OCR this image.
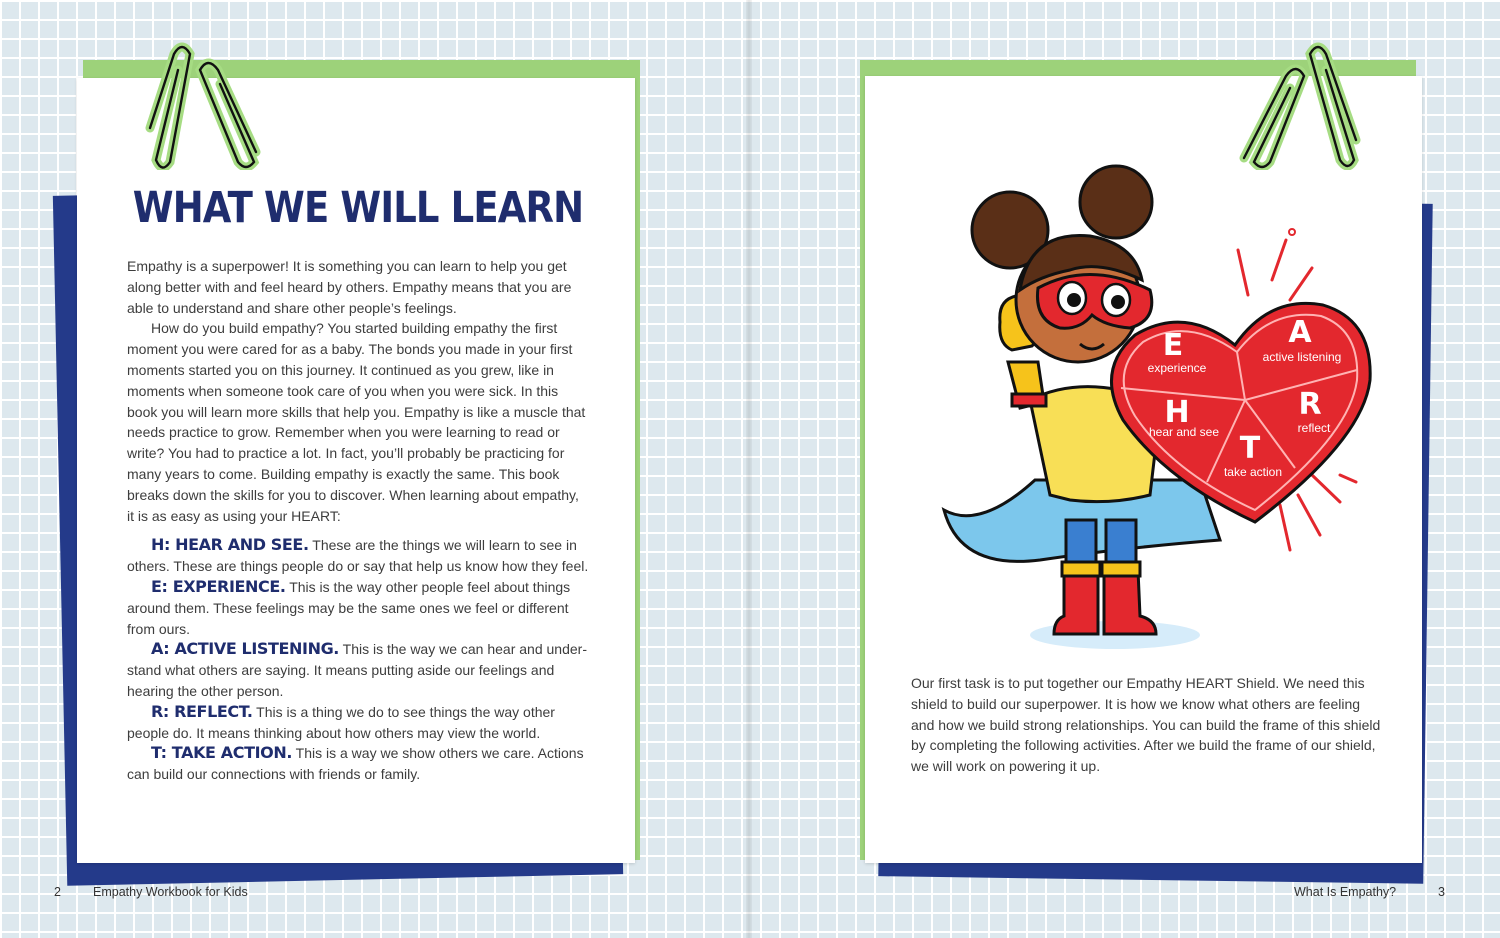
WHAT WE WILL LEARN

Empathy is a superpower! It is something you can learn to help you get along better with and feel heard by others. Empathy means that you are able to understand and share other people’s feelings.

How do you build empathy? You started building empathy the first moment you were cared for as a baby. The bonds you made in your first moments started you on this journey. It continued as you grew, like in moments when someone took care of you when you were sick. In this book you will learn more skills that help you. Empathy is like a muscle that needs practice to grow. Remember when you were learning to read or write? You had to practice a lot. In fact, you’ll probably be practicing for many years to come. Building empathy is exactly the same. This book breaks down the skills for you to discover. When learning about empathy, it is as easy as using your HEART:

H: HEAR AND SEE. These are the things we will learn to see in others. These are things people do or say that help us know how they feel.

E: EXPERIENCE. This is the way other people feel about things around them. These feelings may be the same ones we feel or different from ours.

A: ACTIVE LISTENING. This is the way we can hear and under-stand what others are saying. It means putting aside our feelings and hearing the other person.

R: REFLECT. This is a thing we do to see things the way other people do. It means thinking about how others may view the world.

T: TAKE ACTION. This is a way we show others we care. Actions can build our connections with friends or family.

2	Empathy Workbook for Kids
E	A
H	R
T
experience
active listening
hear and see	reflect
take action

Our first task is to put together our Empathy HEART Shield. We need this shield to build our superpower. It is how we know what others are feeling and how we build strong relationships. You can build the frame of this shield by completing the following activities. After we build the frame of our shield, we will work on powering it up.

What Is Empathy?	3
